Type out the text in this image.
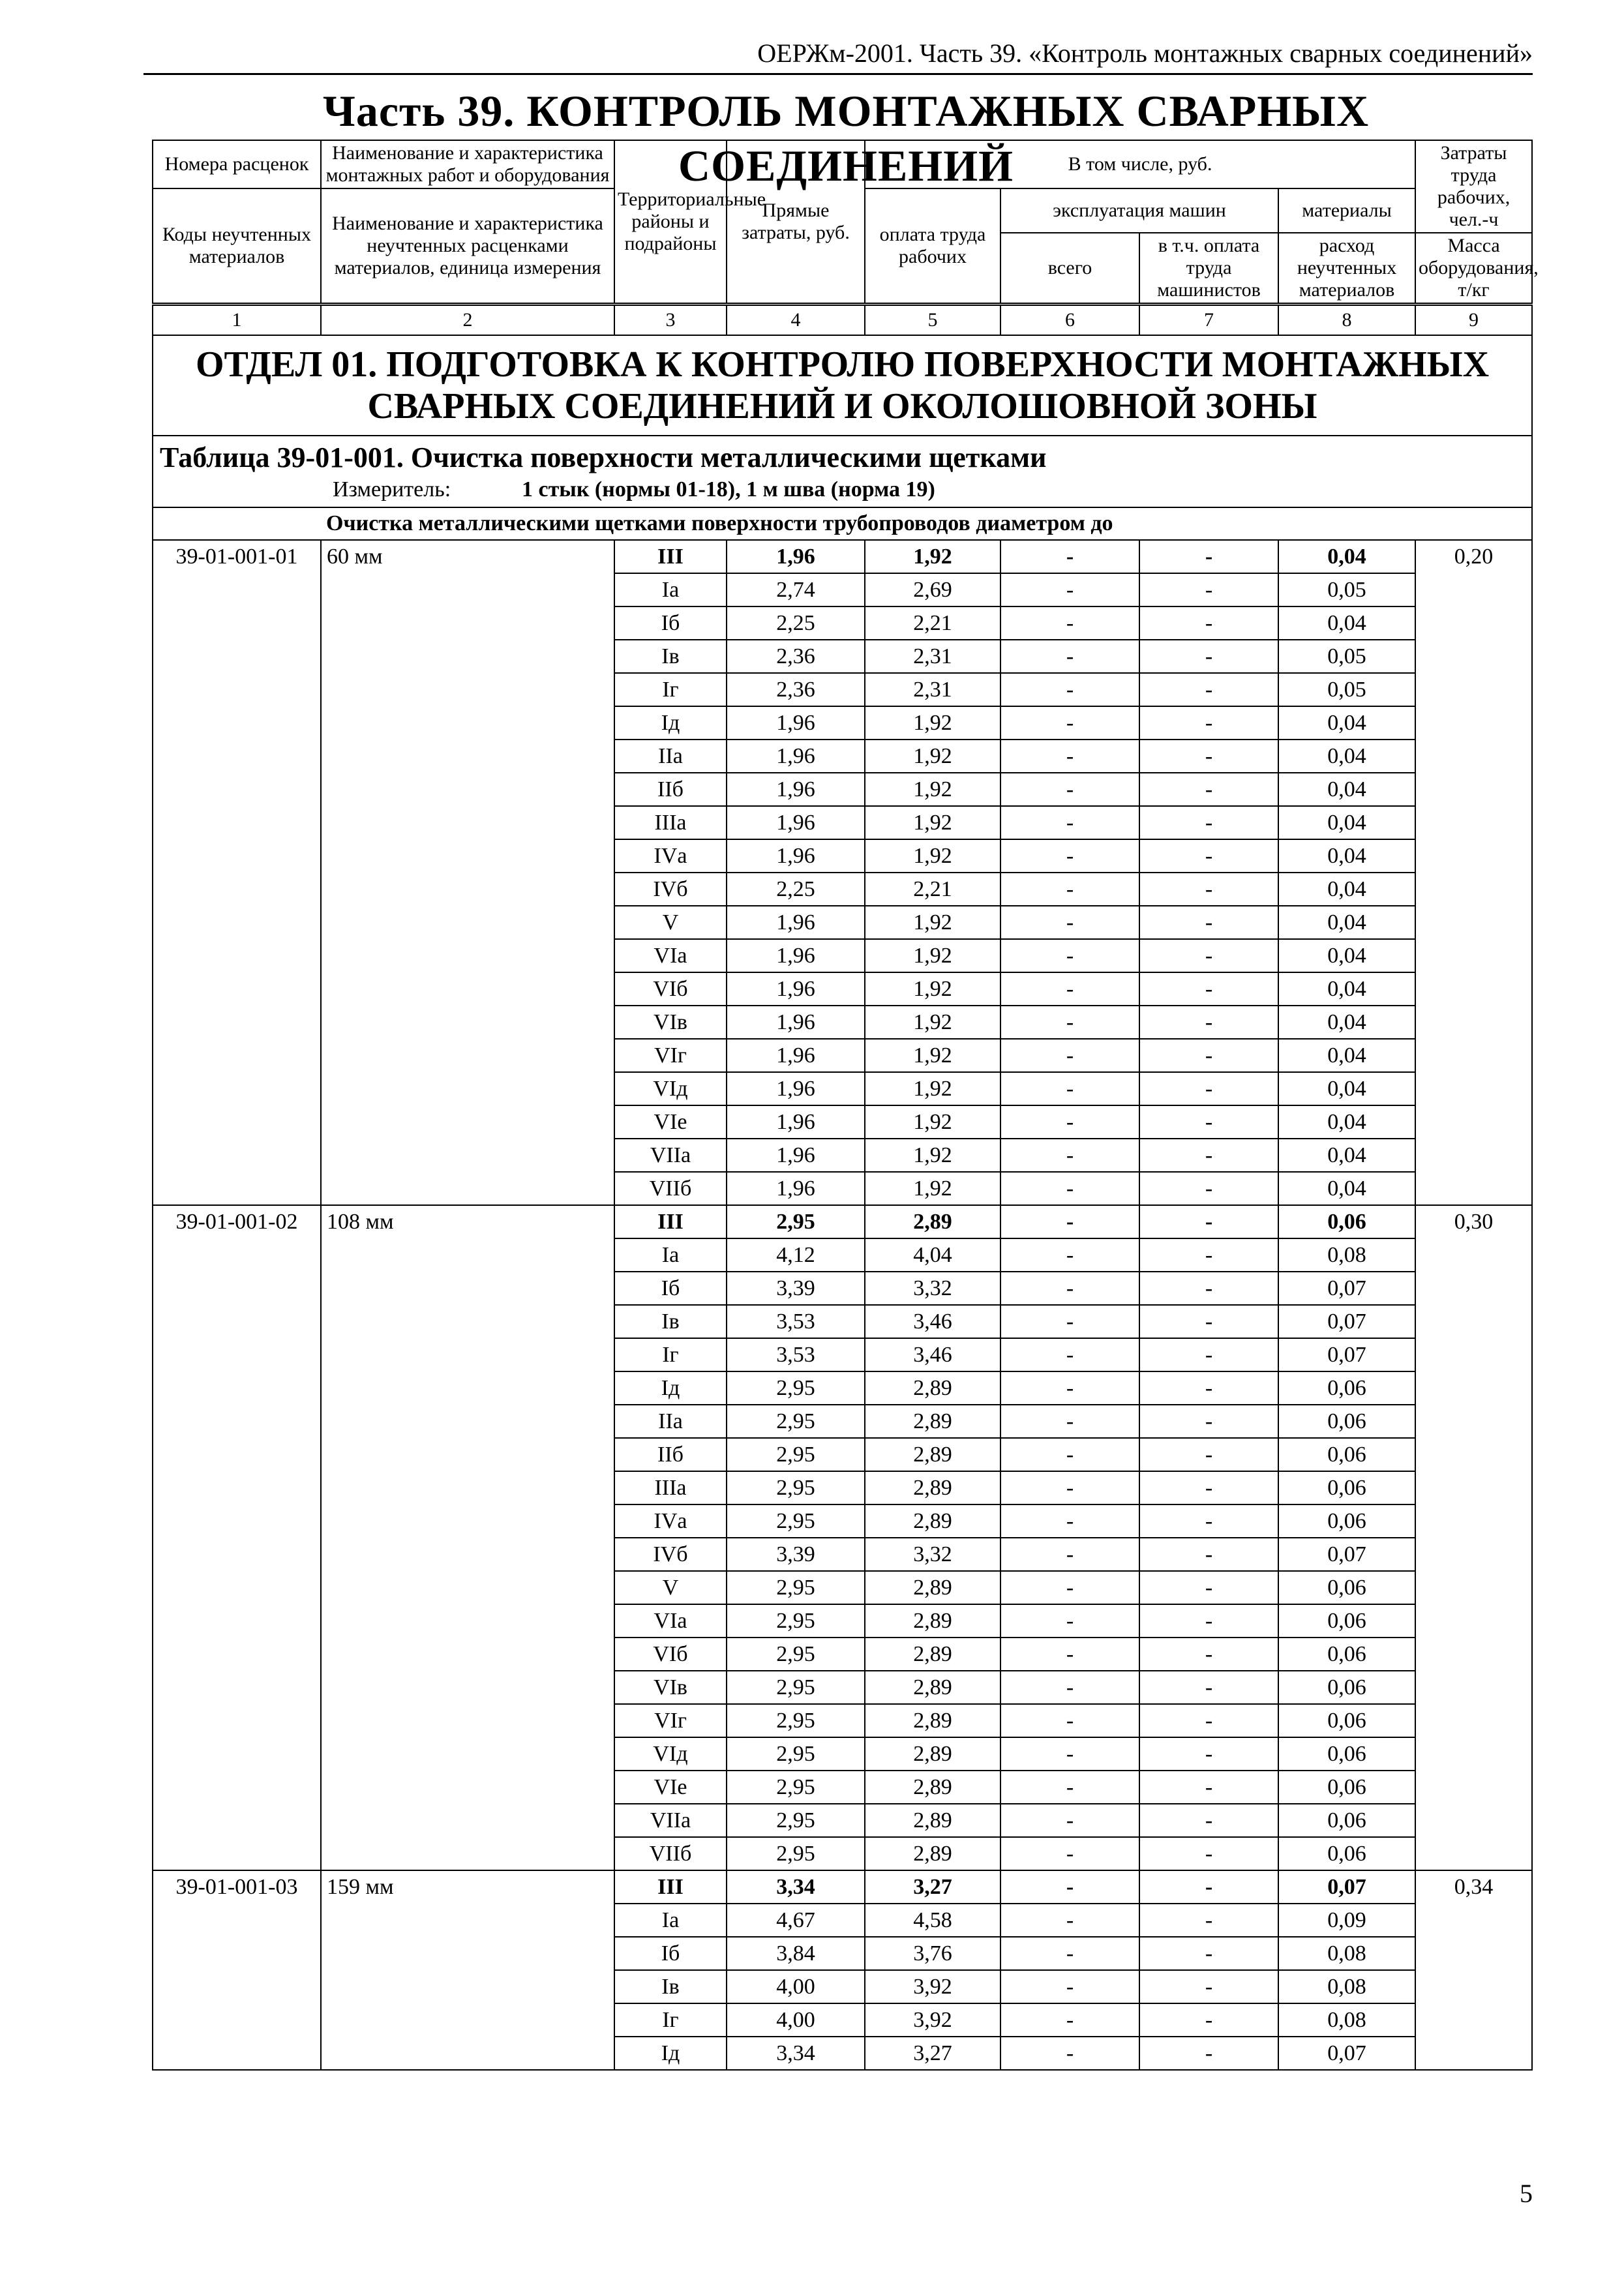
ОЕРЖм-2001. Часть 39. «Контроль монтажных сварных соединений»
Часть 39. КОНТРОЛЬ МОНТАЖНЫХ СВАРНЫХ СОЕДИНЕНИЙ
Номера расценок	Наименование и характеристика монтажных работ и оборудования	Территориальные районы и подрайоны	Прямые затраты, руб.	В том числе, руб.				Затраты труда рабочих, чел.-ч
Коды неучтенных материалов	Наименование и характеристика неучтенных расценками материалов, единица измерения			оплата труда рабочих	эксплуатация машин		материалы	
					всего	в т.ч. оплата труда машинистов	расход неучтенных материалов	Масса оборудования, т/кг
1	2	3	4	5	6	7	8	9
ОТДЕЛ 01. ПОДГОТОВКА К КОНТРОЛЮ ПОВЕРХНОСТИ МОНТАЖНЫХ СВАРНЫХ СОЕДИНЕНИЙ И ОКОЛОШОВНОЙ ЗОНЫ								
Таблица 39-01-001. Очистка поверхности металлическими щетками								
Измеритель: 1 стык (нормы 01-18), 1 м шва (норма 19)								
Очистка металлическими щетками поверхности трубопроводов диаметром до								
39-01-001-01	60 мм	III	1,96	1,92	-	-	0,04	0,20
		Iа	2,74	2,69	-	-	0,05	
		Iб	2,25	2,21	-	-	0,04	
		Iв	2,36	2,31	-	-	0,05	
		Iг	2,36	2,31	-	-	0,05	
		Iд	1,96	1,92	-	-	0,04	
		IIа	1,96	1,92	-	-	0,04	
		IIб	1,96	1,92	-	-	0,04	
		IIIа	1,96	1,92	-	-	0,04	
		IVа	1,96	1,92	-	-	0,04	
		IVб	2,25	2,21	-	-	0,04	
		V	1,96	1,92	-	-	0,04	
		VIа	1,96	1,92	-	-	0,04	
		VIб	1,96	1,92	-	-	0,04	
		VIв	1,96	1,92	-	-	0,04	
		VIг	1,96	1,92	-	-	0,04	
		VIд	1,96	1,92	-	-	0,04	
		VIе	1,96	1,92	-	-	0,04	
		VIIа	1,96	1,92	-	-	0,04	
		VIIб	1,96	1,92	-	-	0,04	
39-01-001-02	108 мм	III	2,95	2,89	-	-	0,06	0,30
		Iа	4,12	4,04	-	-	0,08	
		Iб	3,39	3,32	-	-	0,07	
		Iв	3,53	3,46	-	-	0,07	
		Iг	3,53	3,46	-	-	0,07	
		Iд	2,95	2,89	-	-	0,06	
		IIа	2,95	2,89	-	-	0,06	
		IIб	2,95	2,89	-	-	0,06	
		IIIа	2,95	2,89	-	-	0,06	
		IVа	2,95	2,89	-	-	0,06	
		IVб	3,39	3,32	-	-	0,07	
		V	2,95	2,89	-	-	0,06	
		VIа	2,95	2,89	-	-	0,06	
		VIб	2,95	2,89	-	-	0,06	
		VIв	2,95	2,89	-	-	0,06	
		VIг	2,95	2,89	-	-	0,06	
		VIд	2,95	2,89	-	-	0,06	
		VIе	2,95	2,89	-	-	0,06	
		VIIа	2,95	2,89	-	-	0,06	
		VIIб	2,95	2,89	-	-	0,06	
39-01-001-03	159 мм	III	3,34	3,27	-	-	0,07	0,34
		Iа	4,67	4,58	-	-	0,09	
		Iб	3,84	3,76	-	-	0,08	
		Iв	4,00	3,92	-	-	0,08	
		Iг	4,00	3,92	-	-	0,08	
		Iд	3,34	3,27	-	-	0,07	
5
